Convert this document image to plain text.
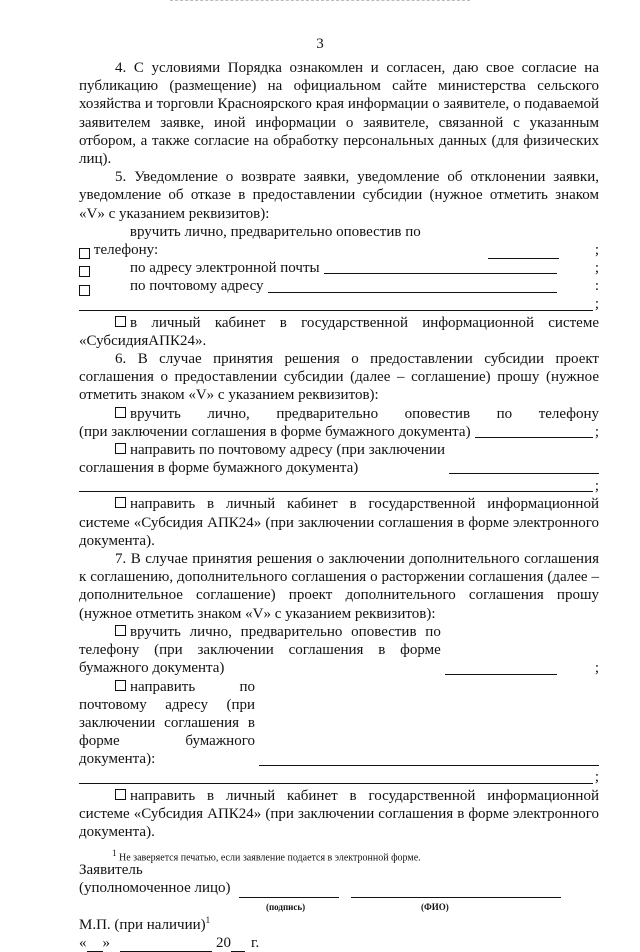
3

4. С условиями Порядка ознакомлен и согласен, даю свое согласие на публикацию (размещение) на официальном сайте министерства сельского хозяйства и торговли Красноярского края информации о заявителе, о подаваемой заявителем заявке, иной информации о заявителе, связанной с указанным отбором, а также согласие на обработку персональных данных (для физических лиц).

5. Уведомление о возврате заявки, уведомление об отклонении заявки, уведомление об отказе в предоставлении субсидии (нужное отметить знаком «V» с указанием реквизитов):

вручить лично, предварительно оповестив по телефону:	;
по адресу электронной почты	;
по почтовому адресу	:
;

в личный кабинет в государственной информационной системе «СубсидияАПК24».

6. В случае принятия решения о предоставлении субсидии проект соглашения о предоставлении субсидии (далее – соглашение) прошу (нужное отметить знаком «V» с указанием реквизитов):

вручить лично, предварительно оповестив по телефону

(при заключении соглашения в форме бумажного документа)	;

направить по почтовому адресу (при заключении соглашения в форме бумажного документа)

;

направить в личный кабинет в государственной информационной системе «Субсидия АПК24» (при заключении соглашения в форме электронного документа).

7. В случае принятия решения о заключении дополнительного соглашения к соглашению, дополнительного соглашения о расторжении соглашения (далее – дополнительное соглашение) проект дополнительного соглашения прошу (нужное отметить знаком «V» с указанием реквизитов):

вручить лично, предварительно оповестив по телефону (при заключении соглашения в форме бумажного документа)	;

направить по почтовому адресу (при заключении соглашения в форме бумажного документа):

;

направить в личный кабинет в государственной информационной системе «Субсидия АПК24» (при заключении соглашения в форме электронного документа).

Заявитель
(уполномоченное лицо)
(подпись)	(ФИО)
М.П. (при наличии)$^1$
« »	20 г.
$^1$ Не заверяется печатью, если заявление подается в электронной форме.
